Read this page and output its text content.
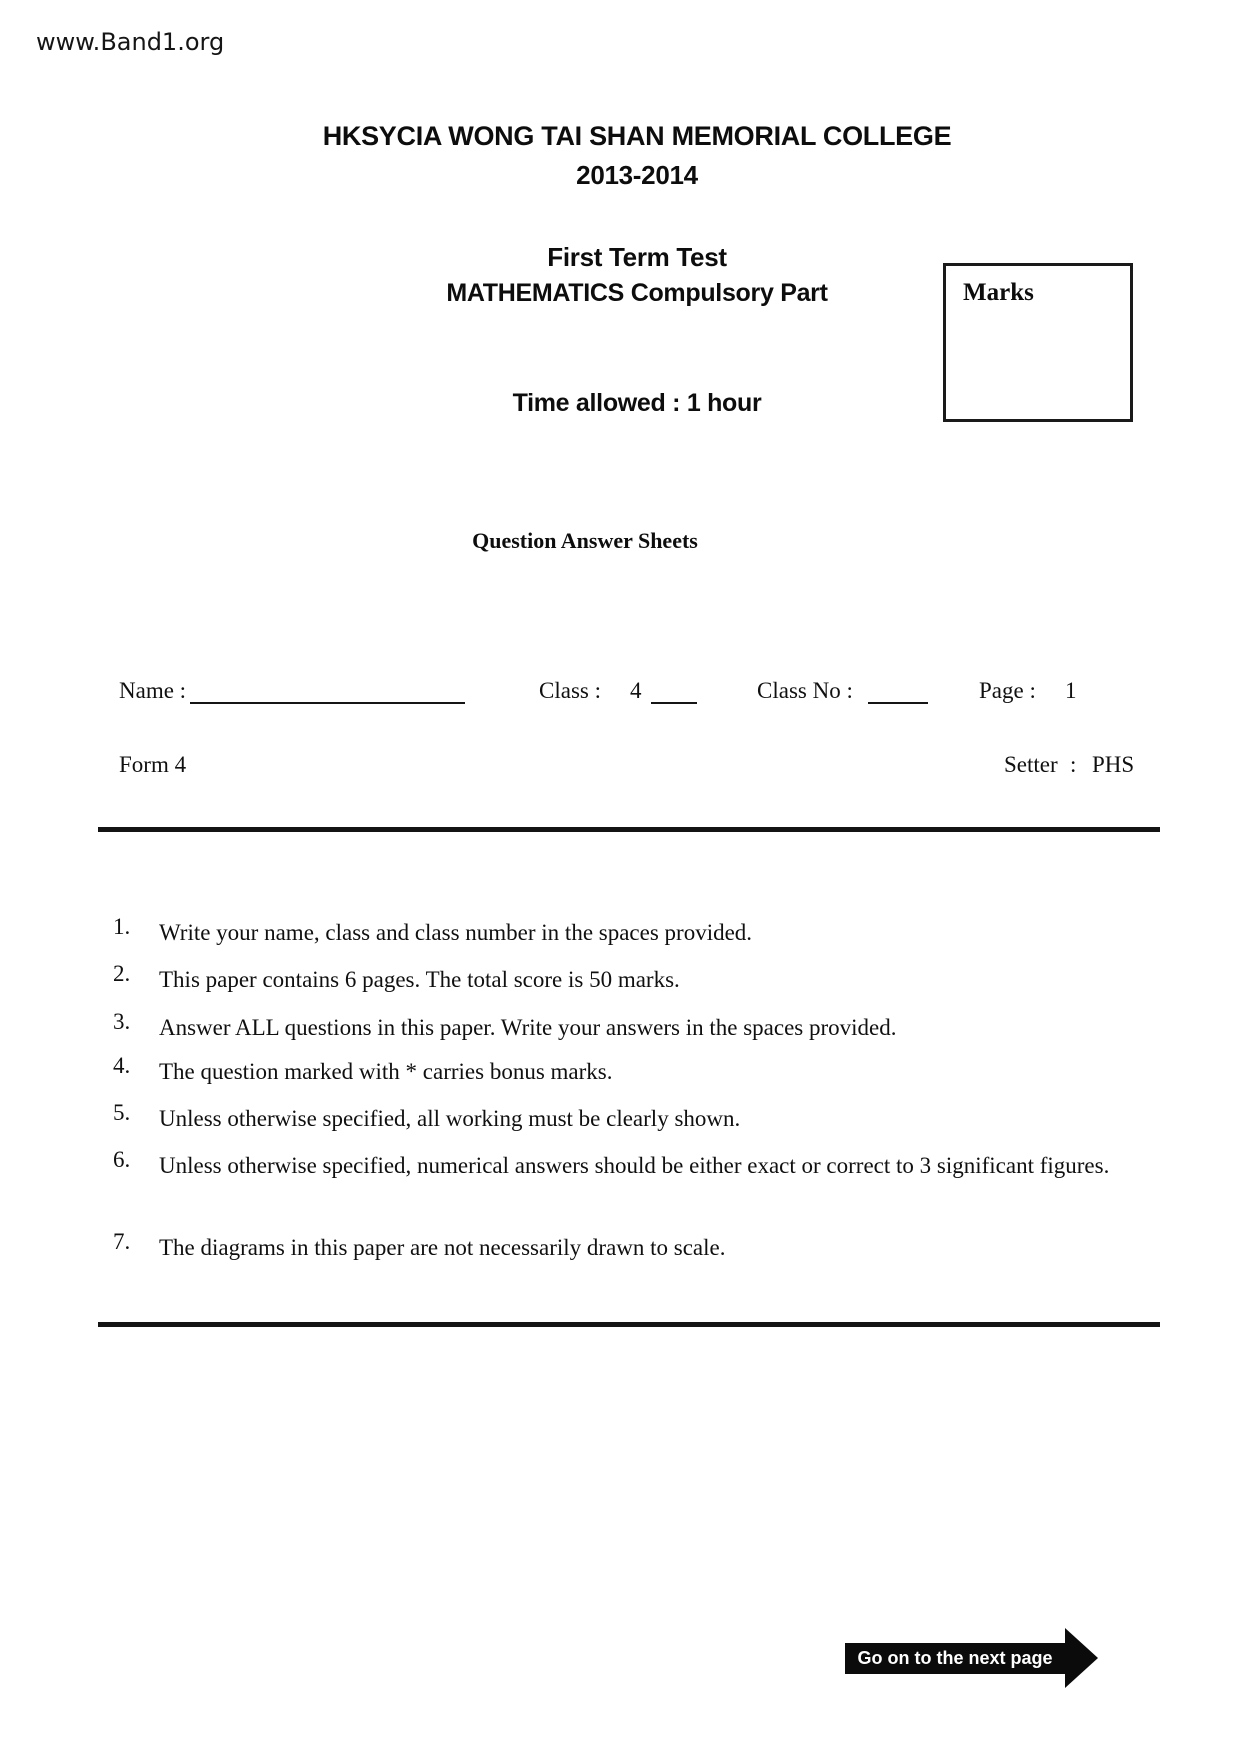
www.Band1.org
HKSYCIA WONG TAI SHAN MEMORIAL COLLEGE
2013-2014
First Term Test
MATHEMATICS Compulsory Part
Time allowed : 1 hour
Marks
Question Answer Sheets
Name :	Class : 4	Class No :	Page : 1
Form 4	Setter : PHS
1. Write your name, class and class number in the spaces provided.
2. This paper contains 6 pages. The total score is 50 marks.
3. Answer ALL questions in this paper. Write your answers in the spaces provided.
4. The question marked with * carries bonus marks.
5. Unless otherwise specified, all working must be clearly shown.
6. Unless otherwise specified, numerical answers should be either exact or correct to 3 significant figures.
7. The diagrams in this paper are not necessarily drawn to scale.
Go on to the next page
